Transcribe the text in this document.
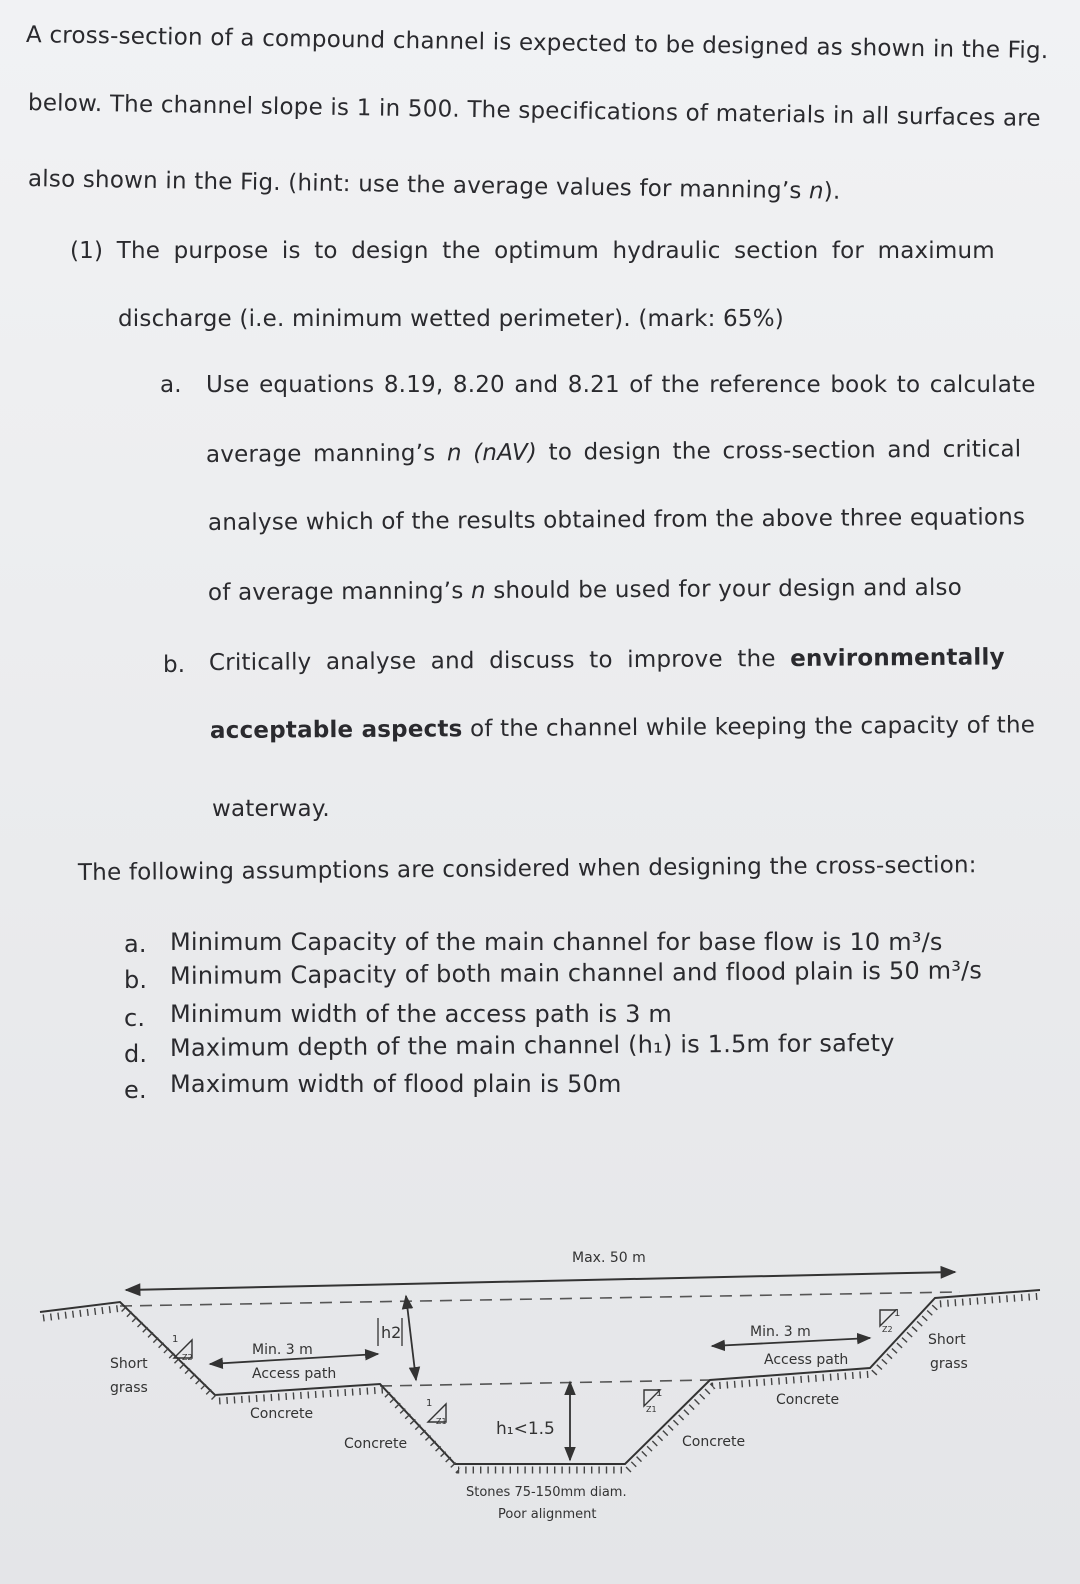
A cross-section of a compound channel is expected to be designed as shown in the Fig.
below. The channel slope is 1 in 500. The specifications of materials in all surfaces are
also shown in the Fig. (hint: use the average values for manning’s n).
(1) The purpose is to design the optimum hydraulic section for maximum
discharge (i.e. minimum wetted perimeter). (mark: 65%)
a. Use equations 8.19, 8.20 and 8.21 of the reference book to calculate
average manning’s n (nAV) to design the cross-section and critical
analyse which of the results obtained from the above three equations
of average manning’s n should be used for your design and also
b. Critically analyse and discuss to improve the environmentally
acceptable aspects of the channel while keeping the capacity of the
waterway.
The following assumptions are considered when designing the cross-section:
a. Minimum Capacity of the main channel for base flow is 10 m³/s
b. Minimum Capacity of both main channel and flood plain is 50 m³/s
c. Minimum width of the access path is 3 m
d. Maximum depth of the main channel (h₁) is 1.5m for safety
e. Maximum width of flood plain is 50m
Max. 50 m
h2
h₁<1.5
Min. 3 m
Access path
Min. 3 m
Access path
Short
grass
Short
grass
Concrete
Concrete	Concrete
Concrete
Stones 75-150mm diam.
Poor alignment
1
Z2
1
Z1
1
Z1
1
Z2
